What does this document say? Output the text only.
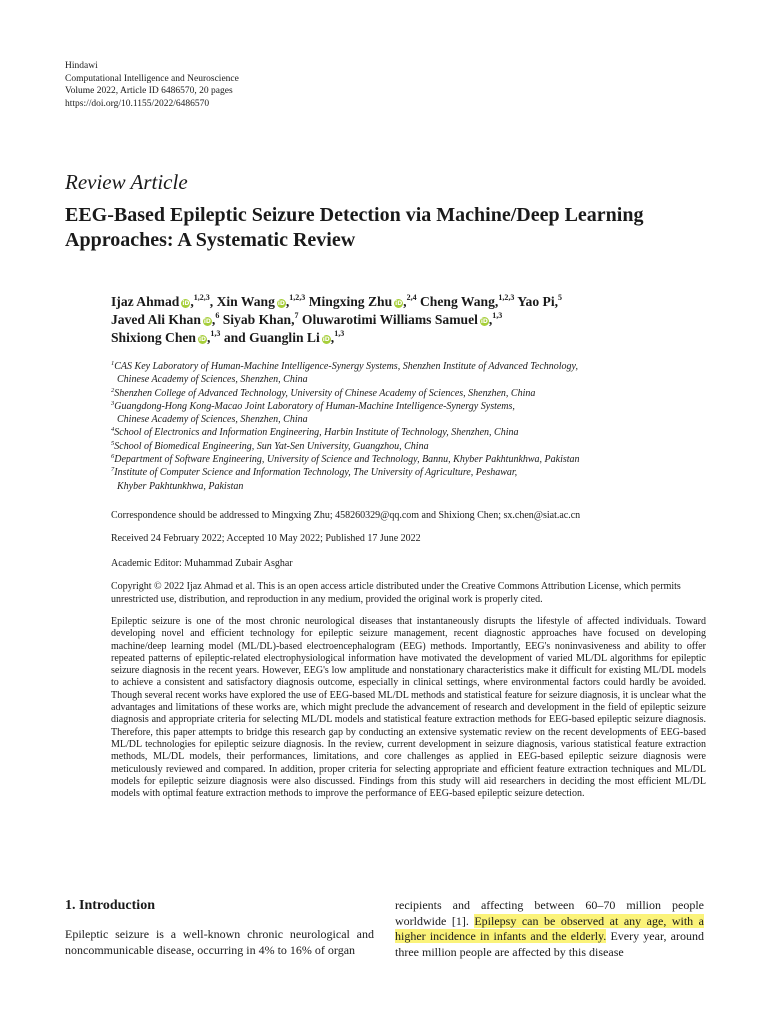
Hindawi
Computational Intelligence and Neuroscience
Volume 2022, Article ID 6486570, 20 pages
https://doi.org/10.1155/2022/6486570
Review Article
EEG-Based Epileptic Seizure Detection via Machine/Deep Learning Approaches: A Systematic Review
Ijaz Ahmad iD,$^{1,2,3}$, Xin Wang iD,$^{1,2,3}$ Mingxing Zhu iD,$^{2,4}$ Cheng Wang,$^{1,2,3}$ Yao Pi,$^5$
Javed Ali Khan iD,$^6$ Siyab Khan,$^7$ Oluwarotimi Williams Samuel iD,$^{1,3}$
Shixiong Chen iD,$^{1,3}$ and Guanglin Li iD,$^{1,3}$
$^1$CAS Key Laboratory of Human-Machine Intelligence-Synergy Systems, Shenzhen Institute of Advanced Technology,
Chinese Academy of Sciences, Shenzhen, China
$^2$Shenzhen College of Advanced Technology, University of Chinese Academy of Sciences, Shenzhen, China
$^3$Guangdong-Hong Kong-Macao Joint Laboratory of Human-Machine Intelligence-Synergy Systems,
Chinese Academy of Sciences, Shenzhen, China
$^4$School of Electronics and Information Engineering, Harbin Institute of Technology, Shenzhen, China
$^5$School of Biomedical Engineering, Sun Yat-Sen University, Guangzhou, China
$^6$Department of Software Engineering, University of Science and Technology, Bannu, Khyber Pakhtunkhwa, Pakistan
$^7$Institute of Computer Science and Information Technology, The University of Agriculture, Peshawar,
Khyber Pakhtunkhwa, Pakistan
Correspondence should be addressed to Mingxing Zhu; 458260329@qq.com and Shixiong Chen; sx.chen@siat.ac.cn
Received 24 February 2022; Accepted 10 May 2022; Published 17 June 2022
Academic Editor: Muhammad Zubair Asghar
Copyright © 2022 Ijaz Ahmad et al. This is an open access article distributed under the Creative Commons Attribution License, which permits unrestricted use, distribution, and reproduction in any medium, provided the original work is properly cited.
Epileptic seizure is one of the most chronic neurological diseases that instantaneously disrupts the lifestyle of affected individuals. Toward developing novel and efficient technology for epileptic seizure management, recent diagnostic approaches have focused on developing machine/deep learning model (ML/DL)-based electroencephalogram (EEG) methods. Importantly, EEG's noninvasiveness and ability to offer repeated patterns of epileptic-related electrophysiological information have motivated the development of varied ML/DL algorithms for epileptic seizure diagnosis in the recent years. However, EEG's low amplitude and nonstationary characteristics make it difficult for existing ML/DL models to achieve a consistent and satisfactory diagnosis outcome, especially in clinical settings, where environmental factors could hardly be avoided. Though several recent works have explored the use of EEG-based ML/DL methods and statistical feature for seizure diagnosis, it is unclear what the advantages and limitations of these works are, which might preclude the advancement of research and development in the field of epileptic seizure diagnosis and appropriate criteria for selecting ML/DL models and statistical feature extraction methods for EEG-based epileptic seizure diagnosis. Therefore, this paper attempts to bridge this research gap by conducting an extensive systematic review on the recent developments of EEG-based ML/DL technologies for epileptic seizure diagnosis. In the review, current development in seizure diagnosis, various statistical feature extraction methods, ML/DL models, their performances, limitations, and core challenges as applied in EEG-based epileptic seizure diagnosis were meticulously reviewed and compared. In addition, proper criteria for selecting appropriate and efficient feature extraction techniques and ML/DL models for epileptic seizure diagnosis were also discussed. Findings from this study will aid researchers in deciding the most efficient ML/DL models with optimal feature extraction methods to improve the performance of EEG-based epileptic seizure detection.
1. Introduction
Epileptic seizure is a well-known chronic neurological and noncommunicable disease, occurring in 4% to 16% of organ
recipients and affecting between 60–70 million people worldwide [1]. Epilepsy can be observed at any age, with a higher incidence in infants and the elderly. Every year, around three million people are affected by this disease
